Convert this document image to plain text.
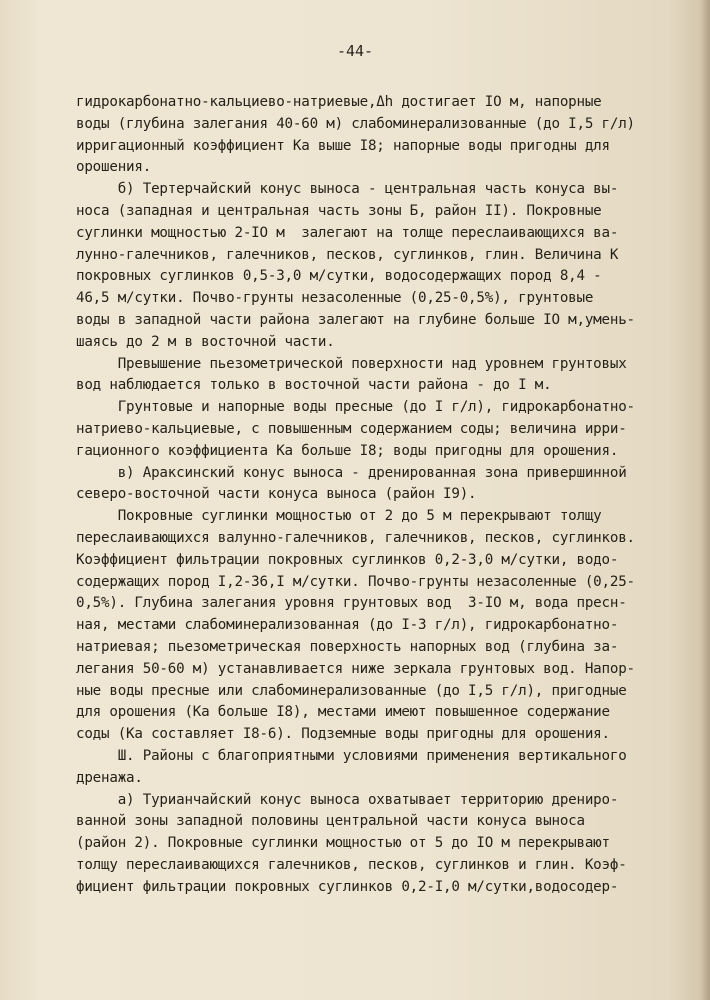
-44-
гидрокарбонатно-кальциево-натриевые,Δh достигает IO м, напорные
воды (глубина залегания 40-60 м) слабоминерализованные (до I,5 г/л)
ирригационный коэффициент Ka выше I8; напорные воды пригодны для
орошения.
б) Тертерчайский конус выноса - центральная часть конуса вы-
носа (западная и центральная часть зоны Б, район II). Покровные
суглинки мощностью 2-IO м  залегают на толще переслаивающихся ва-
лунно-галечников, галечников, песков, суглинков, глин. Величина К
покровных суглинков 0,5-3,0 м/сутки, водосодержащих пород 8,4 -
46,5 м/сутки. Почво-грунты незасоленные (0,25-0,5%), грунтовые
воды в западной части района залегают на глубине больше IO м,умень-
шаясь до 2 м в восточной части.
Превышение пьезометрической поверхности над уровнем грунтовых
вод наблюдается только в восточной части района - до I м.
Грунтовые и напорные воды пресные (до I г/л), гидрокарбонатно-
натриево-кальциевые, с повышенным содержанием соды; величина ирри-
гационного коэффициента Ка больше I8; воды пригодны для орошения.
в) Араксинский конус выноса - дренированная зона привершинной
северо-восточной части конуса выноса (район I9).
Покровные суглинки мощностью от 2 до 5 м перекрывают толщу
переслаивающихся валунно-галечников, галечников, песков, суглинков.
Коэффициент фильтрации покровных суглинков 0,2-3,0 м/сутки, водо-
содержащих пород I,2-36,I м/сутки. Почво-грунты незасоленные (0,25-
0,5%). Глубина залегания уровня грунтовых вод  3-IO м, вода пресн-
ная, местами слабоминерализованная (до I-3 г/л), гидрокарбонатно-
натриевая; пьезометрическая поверхность напорных вод (глубина за-
легания 50-60 м) устанавливается ниже зеркала грунтовых вод. Напор-
ные воды пресные или слабоминерализованные (до I,5 г/л), пригодные
для орошения (Ка больше I8), местами имеют повышенное содержание
соды (Ка составляет I8-6). Подземные воды пригодны для орошения.
Ш. Районы с благоприятными условиями применения вертикального
дренажа.
а) Турианчайский конус выноса охватывает территорию дрениро-
ванной зоны западной половины центральной части конуса выноса
(район 2). Покровные суглинки мощностью от 5 до IO м перекрывают
толщу переслаивающихся галечников, песков, суглинков и глин. Коэф-
фициент фильтрации покровных суглинков 0,2-I,0 м/сутки,водосодер-
